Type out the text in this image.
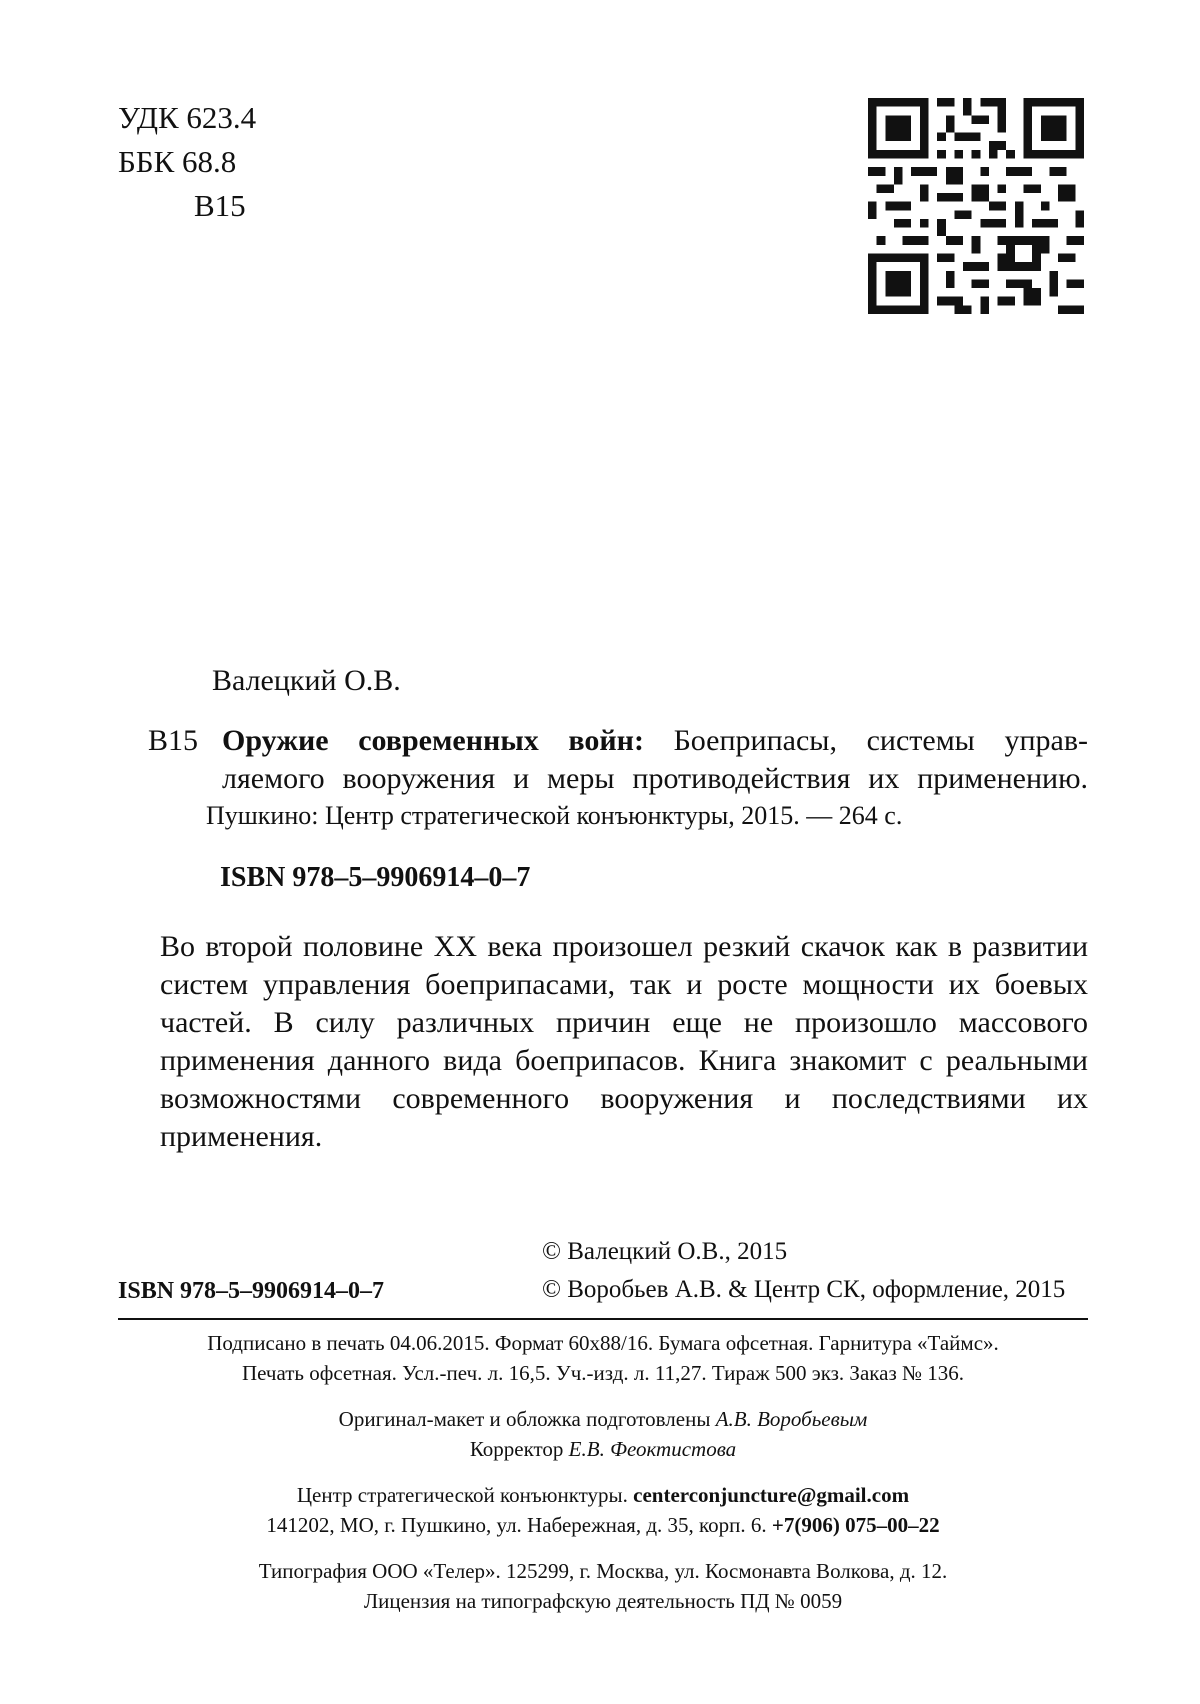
УДК 623.4
ББК 68.8
В15
Валецкий О.В.
В15 Оружие современных войн: Боеприпасы, системы управ-
ляемого вооружения и меры противодействия их применению.
Пушкино: Центр стратегической конъюнктуры, 2015. — 264 с.
ISBN 978–5–9906914–0–7
Во второй половине XX века произошел резкий скачок как в развитии систем управления боеприпасами, так и росте мощности их боевых частей. В силу различных причин еще не произошло массового применения данного вида боеприпасов. Книга знакомит с реальными возможностями современного вооружения и последствиями их применения.
© Валецкий О.В., 2015
© Воробьев А.В. & Центр СК, оформление, 2015
ISBN 978–5–9906914–0–7
Подписано в печать 04.06.2015. Формат 60x88/16. Бумага офсетная. Гарнитура «Таймс».
Печать офсетная. Усл.-печ. л. 16,5. Уч.-изд. л. 11,27. Тираж 500 экз. Заказ № 136.
Оригинал-макет и обложка подготовлены А.В. Воробьевым
Корректор Е.В. Феоктистова
Центр стратегической конъюнктуры. centerconjuncture@gmail.com
141202, МО, г. Пушкино, ул. Набережная, д. 35, корп. 6. +7(906) 075–00–22
Типография ООО «Телер». 125299, г. Москва, ул. Космонавта Волкова, д. 12.
Лицензия на типографскую деятельность ПД № 0059
